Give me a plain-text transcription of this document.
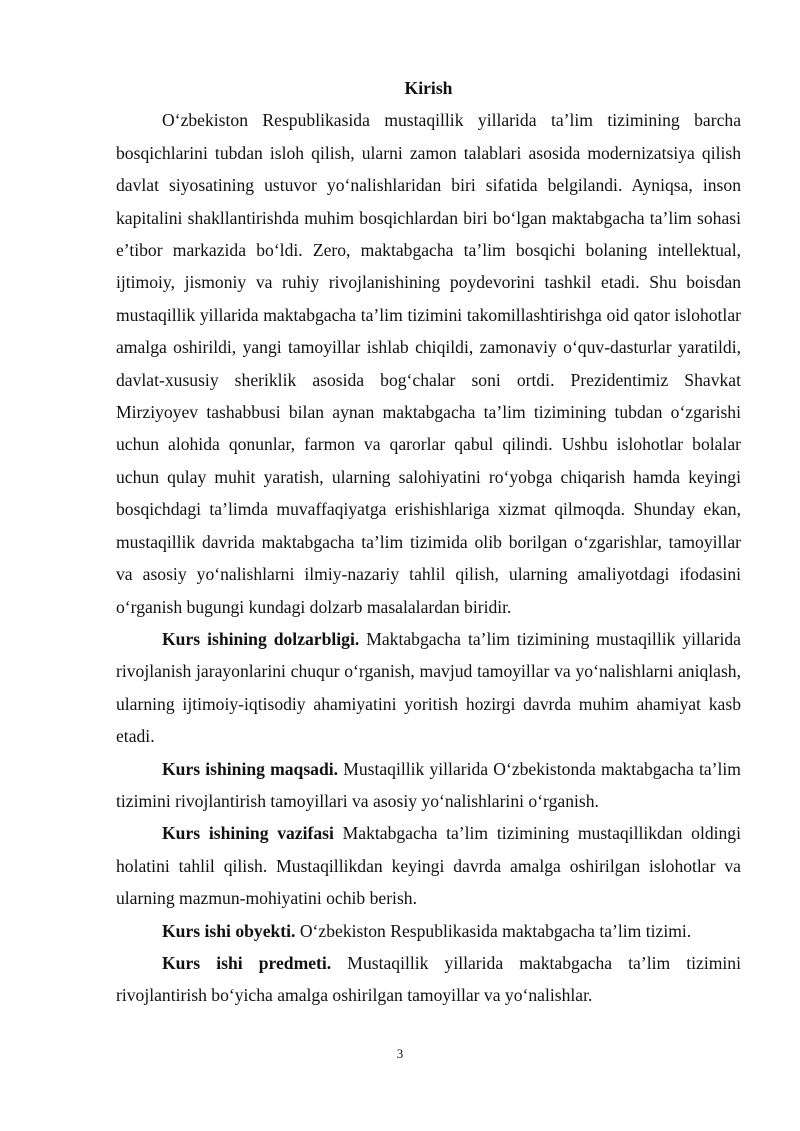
Kirish

O‘zbekiston Respublikasida mustaqillik yillarida ta’lim tizimining barcha bosqichlarini tubdan isloh qilish, ularni zamon talablari asosida modernizatsiya qilish davlat siyosatining ustuvor yo‘nalishlaridan biri sifatida belgilandi. Ayniqsa, inson kapitalini shakllantirishda muhim bosqichlardan biri bo‘lgan maktabgacha ta’lim sohasi e’tibor markazida bo‘ldi. Zero, maktabgacha ta’lim bosqichi bolaning intellektual, ijtimoiy, jismoniy va ruhiy rivojlanishining poydevorini tashkil etadi. Shu boisdan mustaqillik yillarida maktabgacha ta’lim tizimini takomillashtirishga oid qator islohotlar amalga oshirildi, yangi tamoyillar ishlab chiqildi, zamonaviy o‘quv-dasturlar yaratildi, davlat-xususiy sheriklik asosida bog‘chalar soni ortdi. Prezidentimiz Shavkat Mirziyoyev tashabbusi bilan aynan maktabgacha ta’lim tizimining tubdan o‘zgarishi uchun alohida qonunlar, farmon va qarorlar qabul qilindi. Ushbu islohotlar bolalar uchun qulay muhit yaratish, ularning salohiyatini ro‘yobga chiqarish hamda keyingi bosqichdagi ta’limda muvaffaqiyatga erishishlariga xizmat qilmoqda. Shunday ekan, mustaqillik davrida maktabgacha ta’lim tizimida olib borilgan o‘zgarishlar, tamoyillar va asosiy yo‘nalishlarni ilmiy-nazariy tahlil qilish, ularning amaliyotdagi ifodasini o‘rganish bugungi kundagi dolzarb masalalardan biridir.

Kurs ishining dolzarbligi. Maktabgacha ta’lim tizimining mustaqillik yillarida rivojlanish jarayonlarini chuqur o‘rganish, mavjud tamoyillar va yo‘nalishlarni aniqlash, ularning ijtimoiy-iqtisodiy ahamiyatini yoritish hozirgi davrda muhim ahamiyat kasb etadi.

Kurs ishining maqsadi. Mustaqillik yillarida O‘zbekistonda maktabgacha ta’lim tizimini rivojlantirish tamoyillari va asosiy yo‘nalishlarini o‘rganish.

Kurs ishining vazifasi Maktabgacha ta’lim tizimining mustaqillikdan oldingi holatini tahlil qilish. Mustaqillikdan keyingi davrda amalga oshirilgan islohotlar va ularning mazmun-mohiyatini ochib berish.

Kurs ishi obyekti. O‘zbekiston Respublikasida maktabgacha ta’lim tizimi.

Kurs ishi predmeti. Mustaqillik yillarida maktabgacha ta’lim tizimini rivojlantirish bo‘yicha amalga oshirilgan tamoyillar va yo‘nalishlar.

3
